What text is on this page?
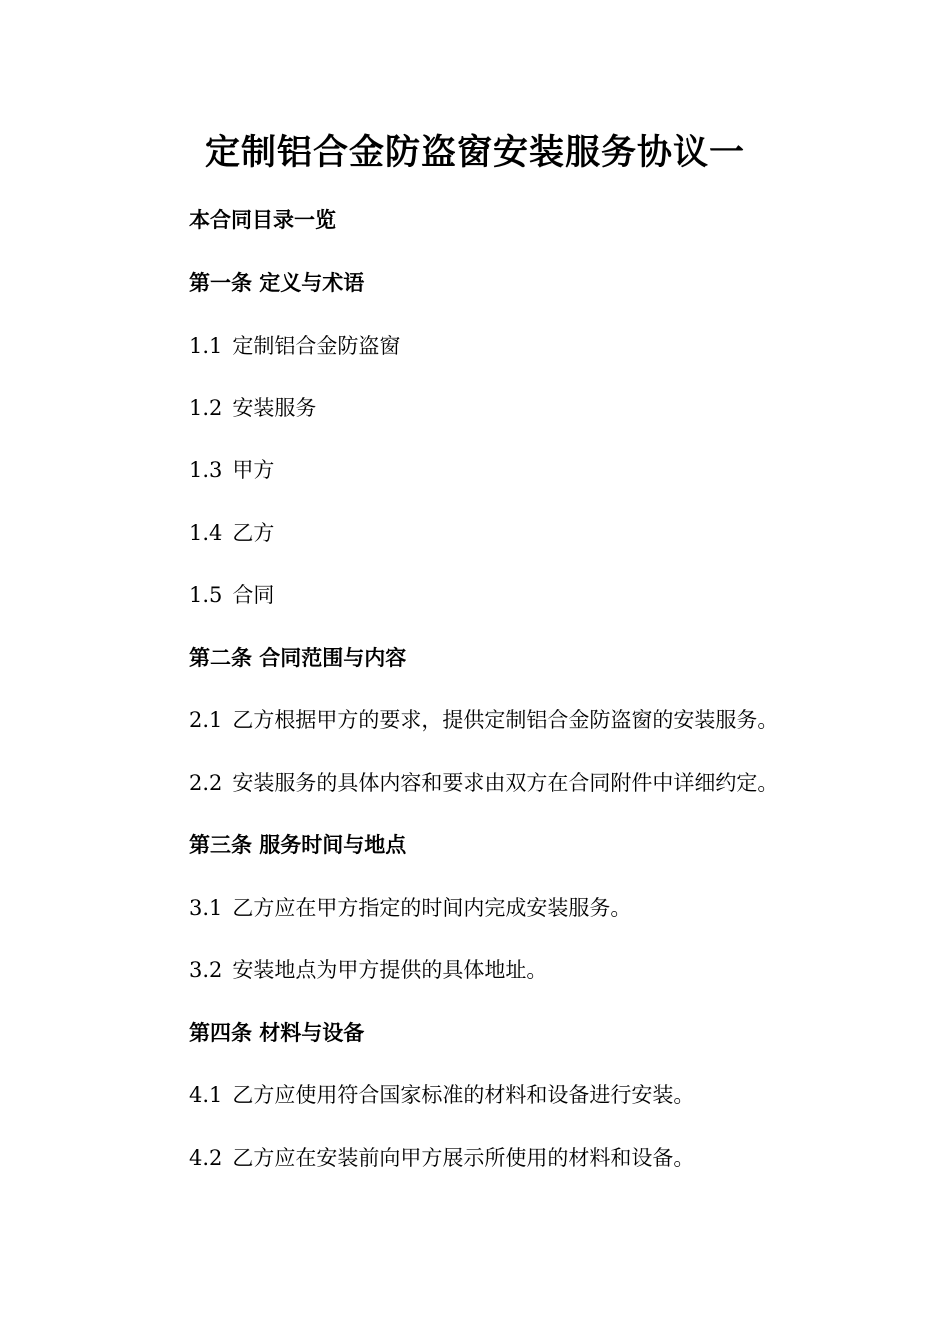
定制铝合金防盗窗安装服务协议一
本合同目录一览
第一条 定义与术语
1.1 定制铝合金防盗窗
1.2 安装服务
1.3 甲方
1.4 乙方
1.5 合同
第二条 合同范围与内容
2.1 乙方根据甲方的要求，提供定制铝合金防盗窗的安装服务。
2.2 安装服务的具体内容和要求由双方在合同附件中详细约定。
第三条 服务时间与地点
3.1 乙方应在甲方指定的时间内完成安装服务。
3.2 安装地点为甲方提供的具体地址。
第四条 材料与设备
4.1 乙方应使用符合国家标准的材料和设备进行安装。
4.2 乙方应在安装前向甲方展示所使用的材料和设备。
